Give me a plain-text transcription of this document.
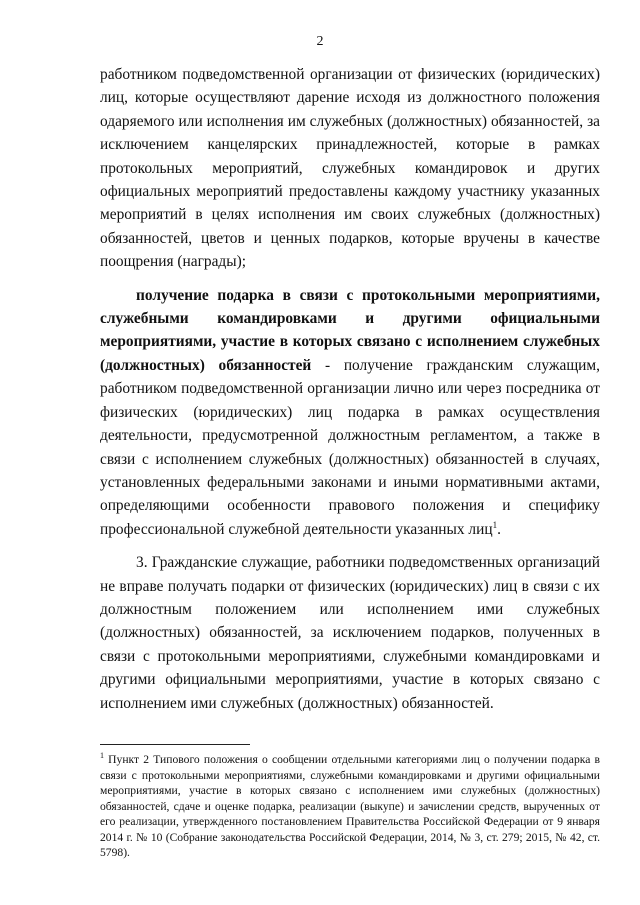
2

работником подведомственной организации от физических (юридических) лиц, которые осуществляют дарение исходя из должностного положения одаряемого или исполнения им служебных (должностных) обязанностей, за исключением канцелярских принадлежностей, которые в рамках протокольных мероприятий, служебных командировок и других официальных мероприятий предоставлены каждому участнику указанных мероприятий в целях исполнения им своих служебных (должностных) обязанностей, цветов и ценных подарков, которые вручены в качестве поощрения (награды);

получение подарка в связи с протокольными мероприятиями, служебными командировками и другими официальными мероприятиями, участие в которых связано с исполнением служебных (должностных) обязанностей - получение гражданским служащим, работником подведомственной организации лично или через посредника от физических (юридических) лиц подарка в рамках осуществления деятельности, предусмотренной должностным регламентом, а также в связи с исполнением служебных (должностных) обязанностей в случаях, установленных федеральными законами и иными нормативными актами, определяющими особенности правового положения и специфику профессиональной служебной деятельности указанных лиц$^1$.

3. Гражданские служащие, работники подведомственных организаций не вправе получать подарки от физических (юридических) лиц в связи с их должностным положением или исполнением ими служебных (должностных) обязанностей, за исключением подарков, полученных в связи с протокольными мероприятиями, служебными командировками и другими официальными мероприятиями, участие в которых связано с исполнением ими служебных (должностных) обязанностей.

$^1$ Пункт 2 Типового положения о сообщении отдельными категориями лиц о получении подарка в связи с протокольными мероприятиями, служебными командировками и другими официальными мероприятиями, участие в которых связано с исполнением ими служебных (должностных) обязанностей, сдаче и оценке подарка, реализации (выкупе) и зачислении средств, вырученных от его реализации, утвержденного постановлением Правительства Российской Федерации от 9 января 2014 г. № 10 (Собрание законодательства Российской Федерации, 2014, № 3, ст. 279; 2015, № 42, ст. 5798).
